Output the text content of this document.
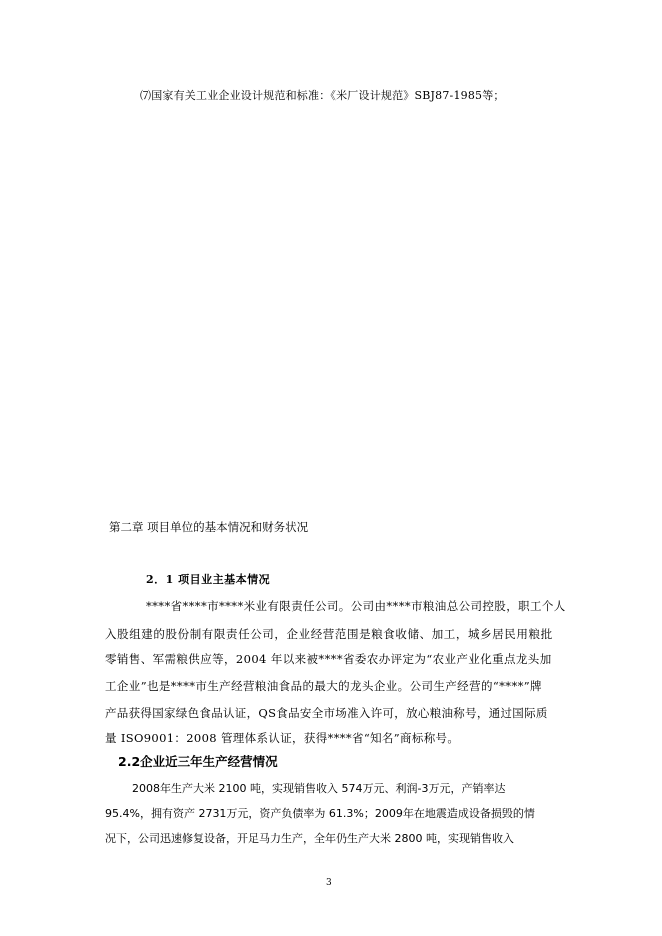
⑺国家有关工业企业设计规范和标准：《米厂设计规范》SBJ87-1985等；

第二章 项目单位的基本情况和财务状况

2．1 项目业主基本情况

****省****市****米业有限责任公司。公司由****市粮油总公司控股，职工个人

入股组建的股份制有限责任公司，企业经营范围是粮食收储、加工，城乡居民用粮批

零销售、军需粮供应等，2004 年以来被****省委农办评定为“农业产业化重点龙头加

工企业”也是****市生产经营粮油食品的最大的龙头企业。公司生产经营的“****”牌

产品获得国家绿色食品认证，QS食品安全市场准入许可，放心粮油称号，通过国际质

量 ISO9001：2008 管理体系认证，获得****省“知名”商标称号。

2.2企业近三年生产经营情况

2008年生产大米 2100 吨，实现销售收入 574万元、利润-3万元，产销率达

95.4%，拥有资产 2731万元，资产负债率为 61.3%；2009年在地震造成设备损毁的情

况下，公司迅速修复设备，开足马力生产，全年仍生产大米 2800 吨，实现销售收入

3
